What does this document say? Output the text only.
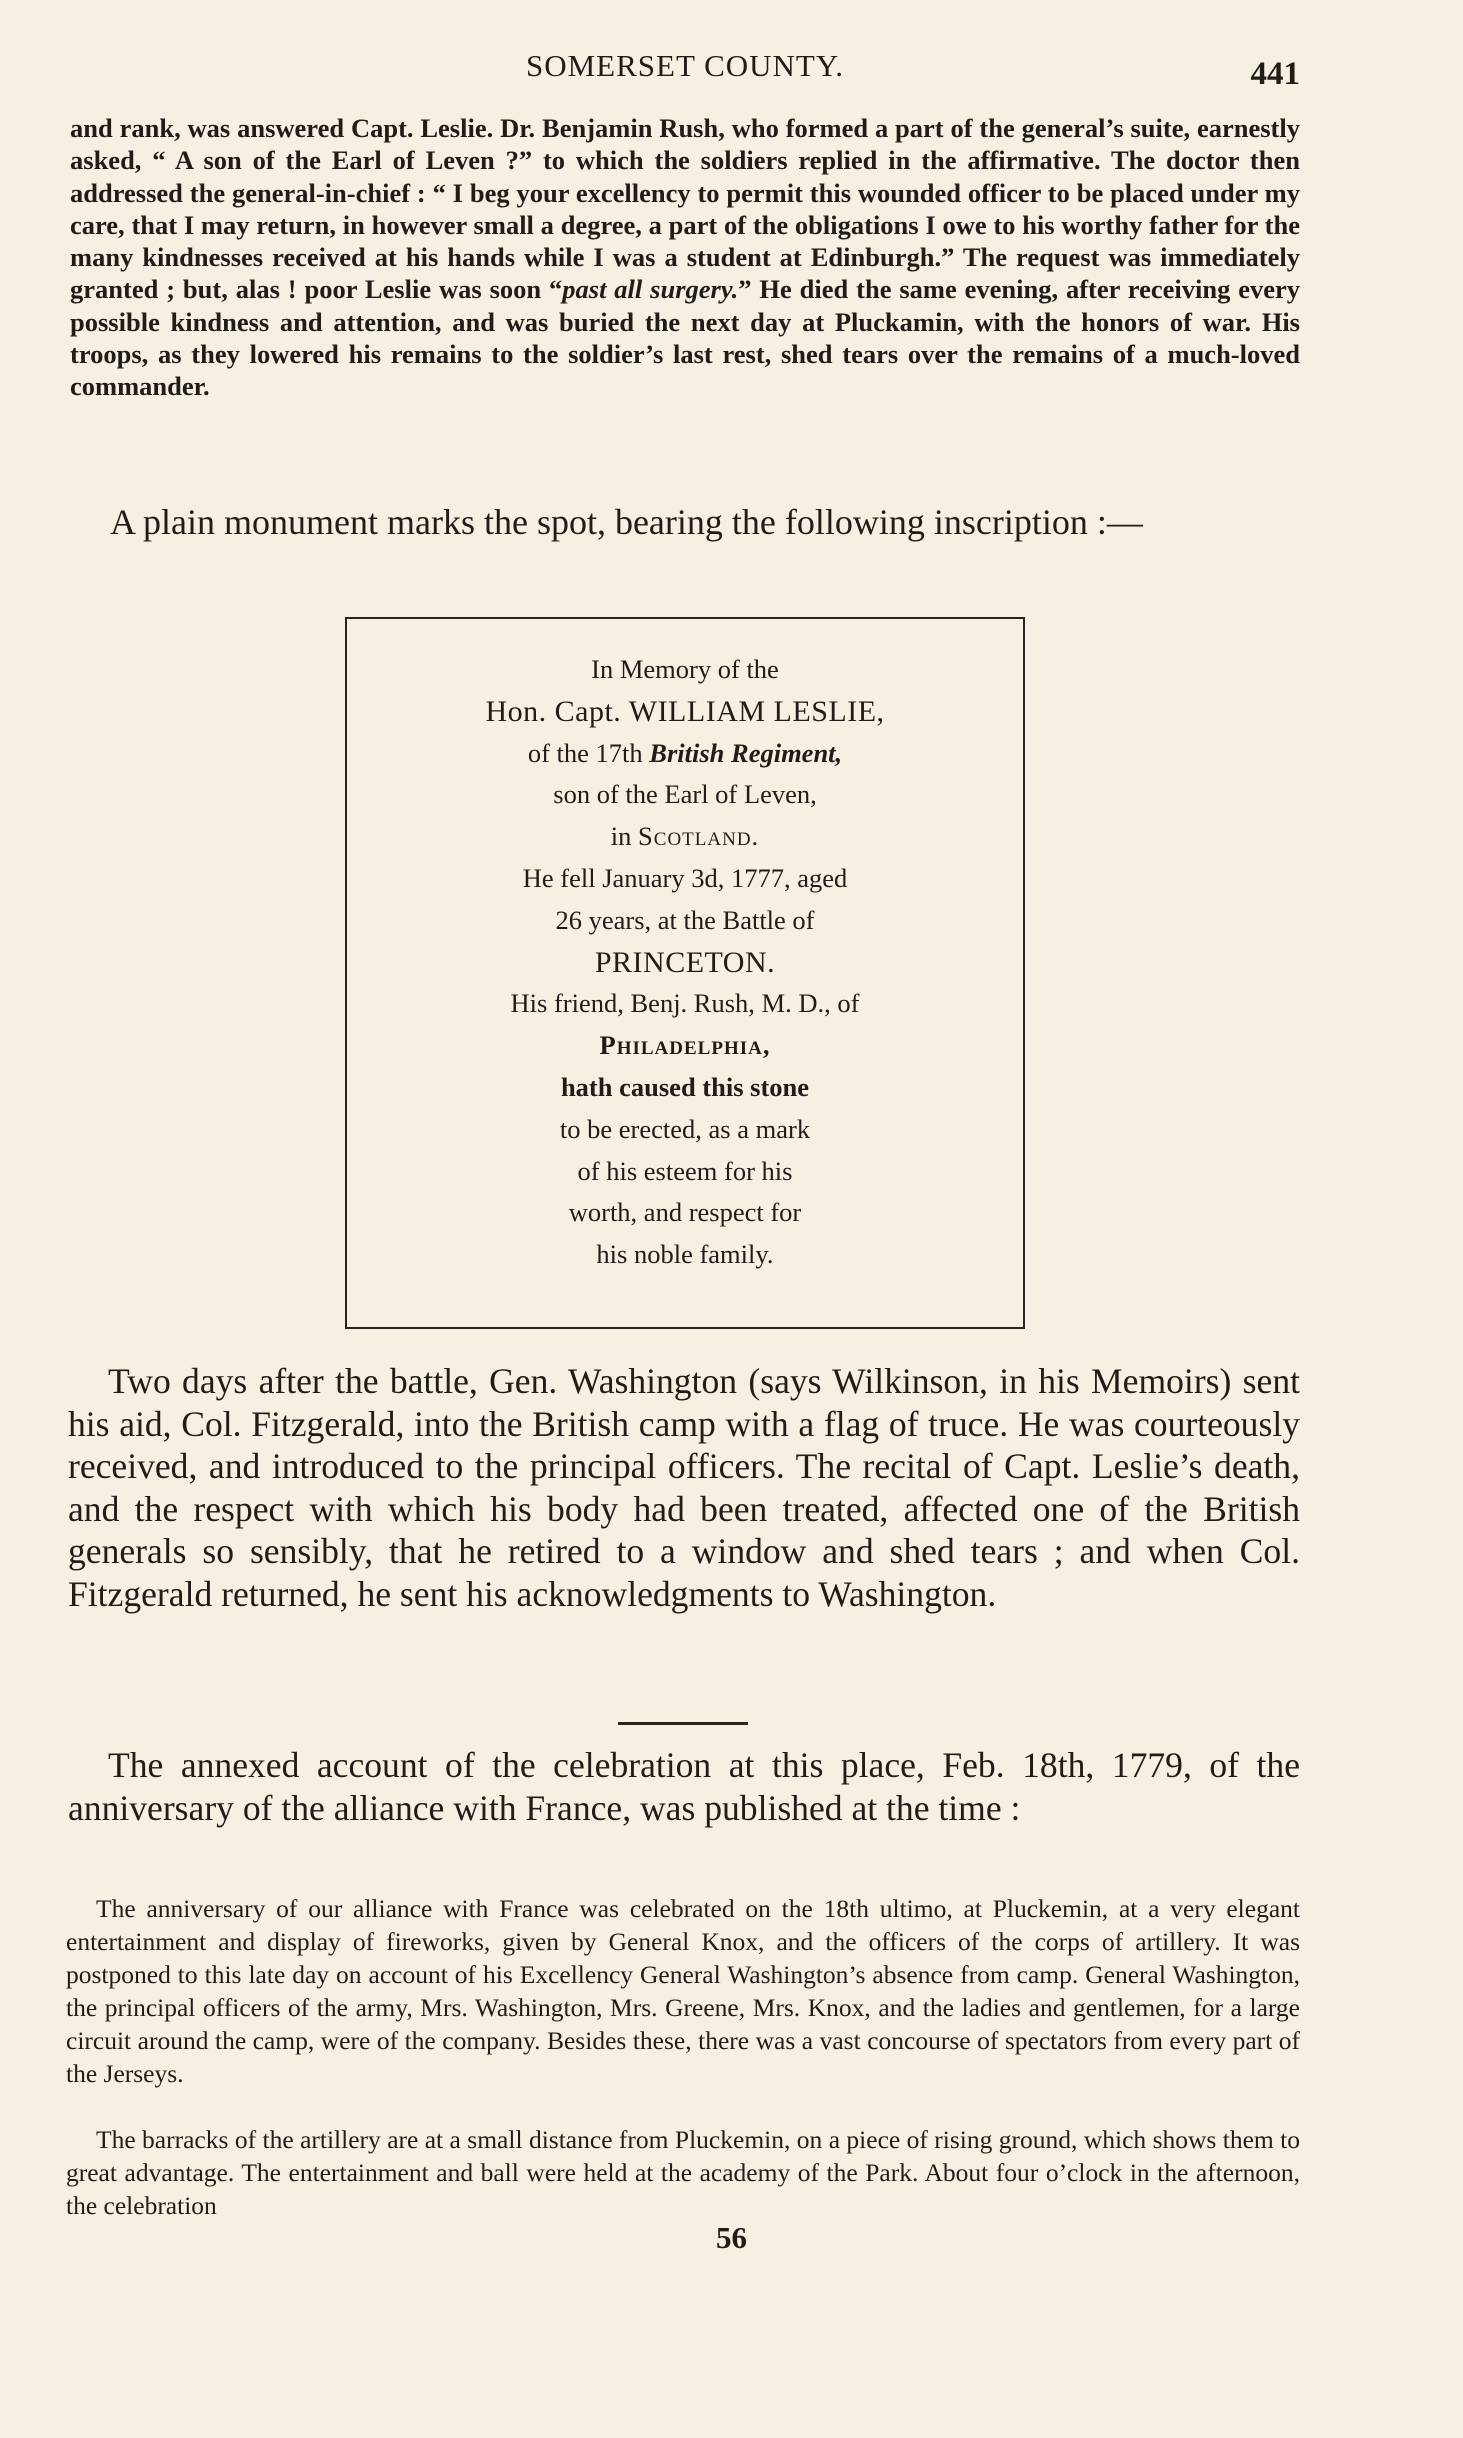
SOMERSET COUNTY.	441

and rank, was answered Capt. Leslie. Dr. Benjamin Rush, who formed a part of the general’s suite, earnestly asked, “ A son of the Earl of Leven ?” to which the soldiers replied in the affirmative. The doctor then addressed the general-in-chief : “ I beg your excellency to permit this wounded officer to be placed under my care, that I may return, in however small a degree, a part of the obligations I owe to his worthy father for the many kindnesses received at his hands while I was a student at Edinburgh.” The request was immediately granted ; but, alas ! poor Leslie was soon “past all surgery.” He died the same evening, after receiving every possible kindness and attention, and was buried the next day at Pluckamin, with the honors of war. His troops, as they lowered his remains to the soldier’s last rest, shed tears over the remains of a much-loved commander.

A plain monument marks the spot, bearing the following inscription :—

In Memory of the
Hon. Capt. WILLIAM LESLIE,
of the 17th British Regiment,
son of the Earl of Leven,
in Scotland.
He fell January 3d, 1777, aged
26 years, at the Battle of
PRINCETON.
His friend, Benj. Rush, M. D., of
Philadelphia,
hath caused this stone
to be erected, as a mark
of his esteem for his
worth, and respect for
his noble family.

Two days after the battle, Gen. Washington (says Wilkinson, in his Memoirs) sent his aid, Col. Fitzgerald, into the British camp with a flag of truce. He was courteously received, and introduced to the principal officers. The recital of Capt. Leslie’s death, and the respect with which his body had been treated, affected one of the British generals so sensibly, that he retired to a window and shed tears ; and when Col. Fitzgerald returned, he sent his acknowledgments to Washington.

The annexed account of the celebration at this place, Feb. 18th, 1779, of the anniversary of the alliance with France, was published at the time :

The anniversary of our alliance with France was celebrated on the 18th ultimo, at Pluckemin, at a very elegant entertainment and display of fireworks, given by General Knox, and the officers of the corps of artillery. It was postponed to this late day on account of his Excellency General Washington’s absence from camp. General Washington, the principal officers of the army, Mrs. Washington, Mrs. Greene, Mrs. Knox, and the ladies and gentlemen, for a large circuit around the camp, were of the company. Besides these, there was a vast concourse of spectators from every part of the Jerseys.

The barracks of the artillery are at a small distance from Pluckemin, on a piece of rising ground, which shows them to great advantage. The entertainment and ball were held at the academy of the Park. About four o’clock in the afternoon, the celebration

56
